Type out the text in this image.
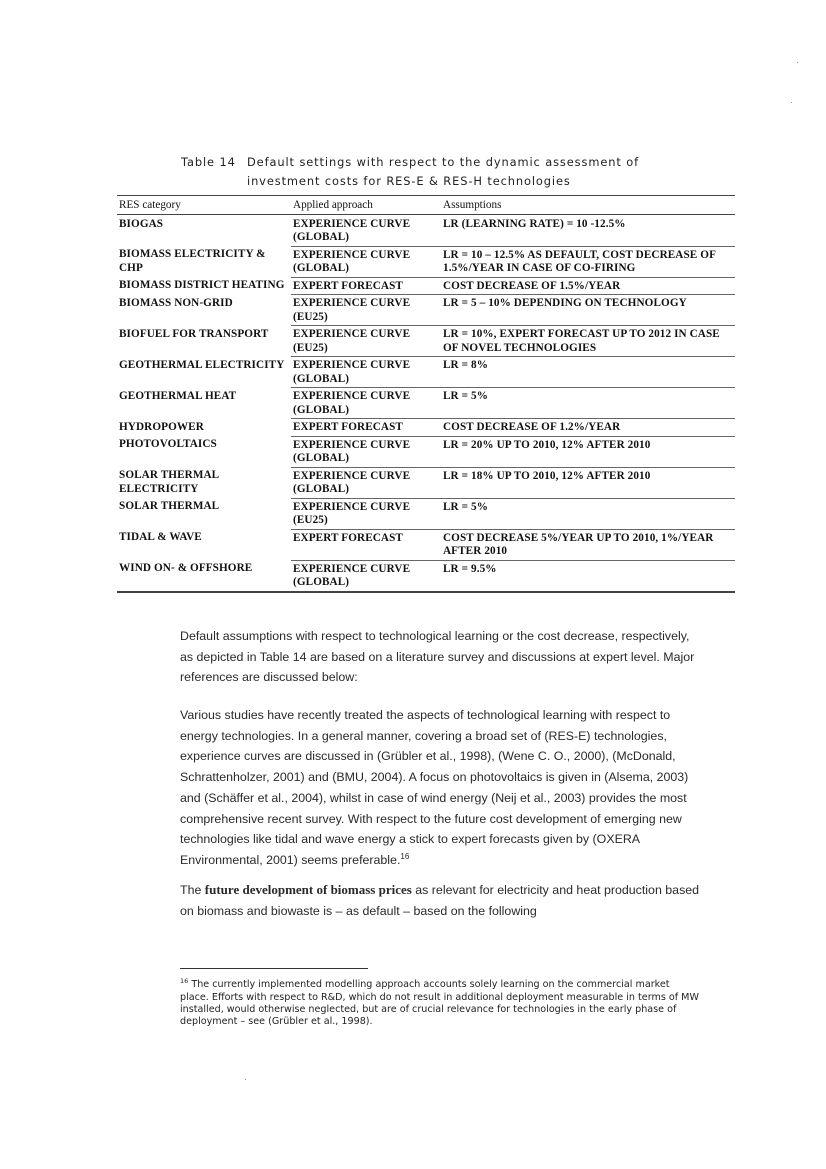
Table 14 Default settings with respect to the dynamic assessment of
investment costs for RES-E & RES-H technologies
RES category	Applied approach	Assumptions
BIOGAS	EXPERIENCE CURVE (GLOBAL)	LR (LEARNING RATE) = 10 -12.5%
BIOMASS ELECTRICITY & CHP	EXPERIENCE CURVE (GLOBAL)	LR = 10 – 12.5% AS DEFAULT, COST DECREASE OF 1.5%/YEAR IN CASE OF CO-FIRING
BIOMASS DISTRICT HEATING	EXPERT FORECAST	COST DECREASE OF 1.5%/YEAR
BIOMASS NON-GRID	EXPERIENCE CURVE (EU25)	LR = 5 – 10% DEPENDING ON TECHNOLOGY
BIOFUEL FOR TRANSPORT	EXPERIENCE CURVE (EU25)	LR = 10%, EXPERT FORECAST UP TO 2012 IN CASE OF NOVEL TECHNOLOGIES
GEOTHERMAL ELECTRICITY	EXPERIENCE CURVE (GLOBAL)	LR = 8%
GEOTHERMAL HEAT	EXPERIENCE CURVE (GLOBAL)	LR = 5%
HYDROPOWER	EXPERT FORECAST	COST DECREASE OF 1.2%/YEAR
PHOTOVOLTAICS	EXPERIENCE CURVE (GLOBAL)	LR = 20% UP TO 2010, 12% AFTER 2010
SOLAR THERMAL ELECTRICITY	EXPERIENCE CURVE (GLOBAL)	LR = 18% UP TO 2010, 12% AFTER 2010
SOLAR THERMAL	EXPERIENCE CURVE (EU25)	LR = 5%
TIDAL & WAVE	EXPERT FORECAST	COST DECREASE 5%/YEAR UP TO 2010, 1%/YEAR AFTER 2010
WIND ON- & OFFSHORE	EXPERIENCE CURVE (GLOBAL)	LR = 9.5%

Default assumptions with respect to technological learning or the cost decrease, respectively, as depicted in Table 14 are based on a literature survey and discussions at expert level. Major references are discussed below:

Various studies have recently treated the aspects of technological learning with respect to energy technologies. In a general manner, covering a broad set of (RES-E) technologies, experience curves are discussed in (Grübler et al., 1998), (Wene C. O., 2000), (McDonald, Schrattenholzer, 2001) and (BMU, 2004). A focus on photovoltaics is given in (Alsema, 2003) and (Schäffer et al., 2004), whilst in case of wind energy (Neij et al., 2003) provides the most comprehensive recent survey. With respect to the future cost development of emerging new technologies like tidal and wave energy a stick to expert forecasts given by (OXERA Environmental, 2001) seems preferable.$^{16}$

The future development of biomass prices as relevant for electricity and heat production based on biomass and biowaste is – as default – based on the following

$^{16}$ The currently implemented modelling approach accounts solely learning on the commercial market place. Efforts with respect to R&D, which do not result in additional deployment measurable in terms of MW installed, would otherwise neglected, but are of crucial relevance for technologies in the early phase of deployment – see (Grübler et al., 1998).
